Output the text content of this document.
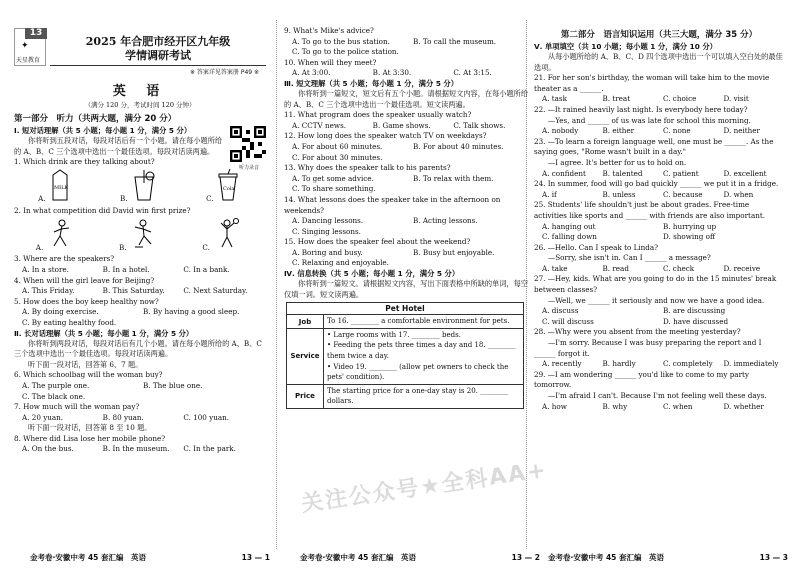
13
✦
天星教育
2025 年合肥市经开区九年级
学情调研考试
※ 答案详见答案册 P49 ※
英 语
（满分 120 分，考试时间 120 分钟）
听力录音
第一部分　听力（共两大题，满分 20 分）
Ⅰ. 短对话理解（共 5 小题；每小题 1 分，满分 5 分）
你将听到五段对话，每段对话后有一个小题。请在每小题所给的 A、B、C 三个选项中选出一个最佳选项。每段对话读两遍。
1. Which drink are they talking about?
A.
MILK
B.	C.
Cola
2. In what competition did David win first prize?
A.	B.	C.
3. Where are the speakers?
A. In a store.	B. In a hotel.	C. In a bank.
4. When will the girl leave for Beijing?
A. This Friday.	B. This Saturday.	C. Next Saturday.
5. How does the boy keep healthy now?
A. By doing exercise.	B. By having a good sleep.
C. By eating healthy food.
Ⅱ. 长对话理解（共 5 小题；每小题 1 分，满分 5 分）
你将听到两段对话，每段对话后有几个小题。请在每小题所给的 A、B、C 三个选项中选出一个最佳选项。每段对话读两遍。
听下面一段对话，回答第 6、7 题。
6. Which schoolbag will the woman buy?
A. The purple one.	B. The blue one.
C. The black one.
7. How much will the woman pay?
A. 20 yuan.	B. 80 yuan.	C. 100 yuan.
听下面一段对话，回答第 8 至 10 题。
8. Where did Lisa lose her mobile phone?
A. On the bus.	B. In the museum.	C. In the park.
9. What's Mike's advice?
A. To go to the bus station.	B. To call the museum.
C. To go to the police station.
10. When will they meet?
A. At 3:00.	B. At 3:30.	C. At 3:15.
Ⅲ. 短文理解（共 5 小题；每小题 1 分，满分 5 分）
你将听到一篇短文，短文后有五个小题。请根据短文内容，在每小题所给的 A、B、C 三个选项中选出一个最佳选项。短文读两遍。
11. What program does the speaker usually watch?
A. CCTV news.	B. Game shows.	C. Talk shows.
12. How long does the speaker watch TV on weekdays?
A. For about 60 minutes.	B. For about 40 minutes.
C. For about 30 minutes.
13. Why does the speaker talk to his parents?
A. To get some advice.	B. To relax with them.
C. To share something.
14. What lessons does the speaker take in the afternoon on weekends?
A. Dancing lessons.	B. Acting lessons.
C. Singing lessons.
15. How does the speaker feel about the weekend?
A. Boring and busy.	B. Busy but enjoyable.
C. Relaxing and enjoyable.
Ⅳ. 信息转换（共 5 小题；每小题 1 分，满分 5 分）
你将听到一篇短文。请根据短文内容，写出下面表格中所缺的单词，每空仅填一词。短文读两遍。
Pet Hotel	
Job	To 16. ________ a comfortable environment for pets.
Service	• Large rooms with 17. ________ beds.
• Feeding the pets three times a day and 18. ________ them twice a day.
• Video 19. ________ (allow pet owners to check the pets' condition).

Price	The starting price for a one-day stay is 20. ________ dollars.
第二部分　语言知识运用（共三大题，满分 35 分）
Ⅴ. 单项填空（共 10 小题；每小题 1 分，满分 10 分）
从每小题所给的 A、B、C、D 四个选项中选出一个可以填入空白处的最佳选项。
21. For her son's birthday, the woman will take him to the movie theater as a ______.
A. task	B. treat	C. choice	D. visit
22. —It rained heavily last night. Is everybody here today?
—Yes, and ______ of us was late for school this morning.
A. nobody	B. either	C. none	D. neither
23. —To learn a foreign language well, one must be ______. As the saying goes, "Rome wasn't built in a day."
—I agree. It's better for us to hold on.
A. confident	B. talented	C. patient	D. excellent
24. In summer, food will go bad quickly ______ we put it in a fridge.
A. if	B. unless	C. because	D. when
25. Students' life shouldn't just be about grades. Free-time activities like sports and ______ with friends are also important.
A. hanging out	B. hurrying up
C. falling down	D. showing off
26. —Hello. Can I speak to Linda?
—Sorry, she isn't in. Can I ______ a message?
A. take	B. read	C. check	D. receive
27. —Hey, kids. What are you going to do in the 15 minutes' break between classes?
—Well, we ______ it seriously and now we have a good idea.
A. discuss	B. are discussing
C. will discuss	D. have discussed
28. —Why were you absent from the meeting yesterday?
—I'm sorry. Because I was busy preparing the report and I ______ forgot it.
A. recently	B. hardly	C. completely	D. immediately
29. —I am wondering ______ you'd like to come to my party tomorrow.
—I'm afraid I can't. Because I'm not feeling well these days.
A. how	B. why	C. when	D. whether
金考卷·安徽中考 45 套汇编　英语	13 — 1	金考卷·安徽中考 45 套汇编　英语	13 — 2 金考卷·安徽中考 45 套汇编　英语	13 — 3
关注公众号★全科AA+
